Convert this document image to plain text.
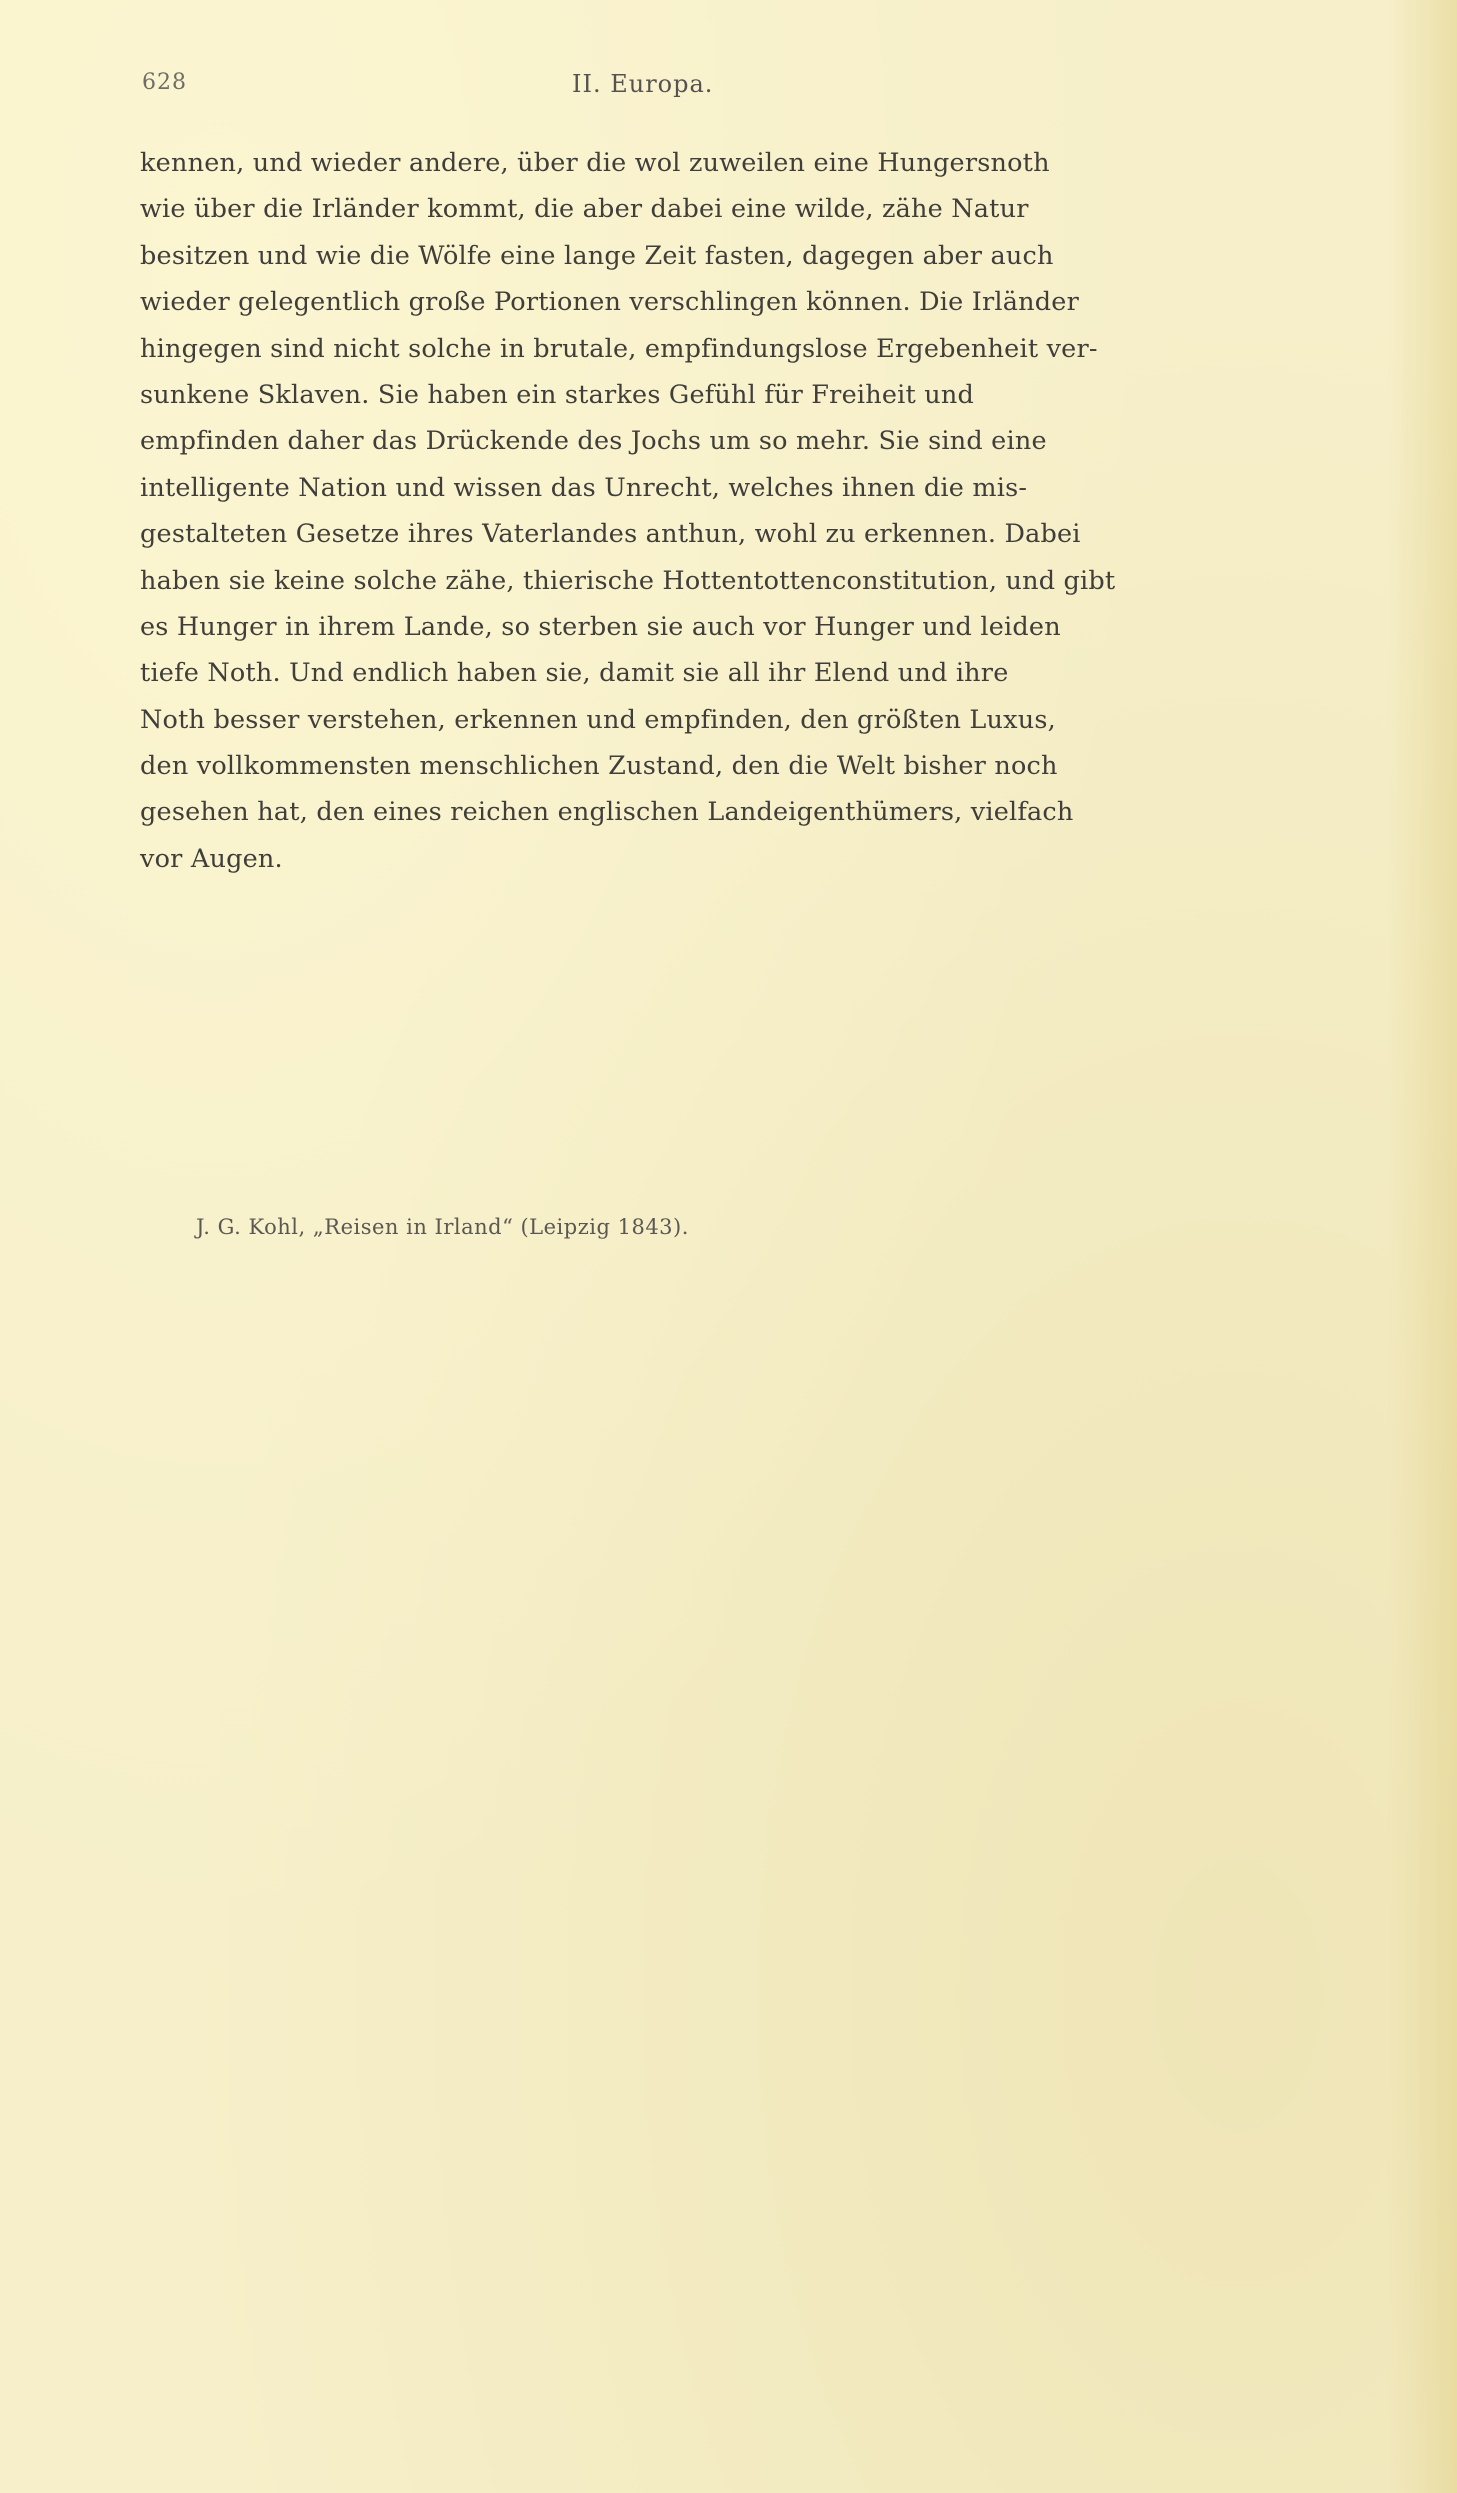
628	II. Europa.
kennen, und wieder andere, über die wol zuweilen eine Hungersnoth
wie über die Irländer kommt, die aber dabei eine wilde, zähe Natur
besitzen und wie die Wölfe eine lange Zeit fasten, dagegen aber auch
wieder gelegentlich große Portionen verschlingen können. Die Irländer
hingegen sind nicht solche in brutale, empfindungslose Ergebenheit ver-
sunkene Sklaven. Sie haben ein starkes Gefühl für Freiheit und
empfinden daher das Drückende des Jochs um so mehr. Sie sind eine
intelligente Nation und wissen das Unrecht, welches ihnen die mis-
gestalteten Gesetze ihres Vaterlandes anthun, wohl zu erkennen. Dabei
haben sie keine solche zähe, thierische Hottentottenconstitution, und gibt
es Hunger in ihrem Lande, so sterben sie auch vor Hunger und leiden
tiefe Noth. Und endlich haben sie, damit sie all ihr Elend und ihre
Noth besser verstehen, erkennen und empfinden, den größten Luxus,
den vollkommensten menschlichen Zustand, den die Welt bisher noch
gesehen hat, den eines reichen englischen Landeigenthümers, vielfach
vor Augen.
J. G. Kohl, „Reisen in Irland“ (Leipzig 1843).
